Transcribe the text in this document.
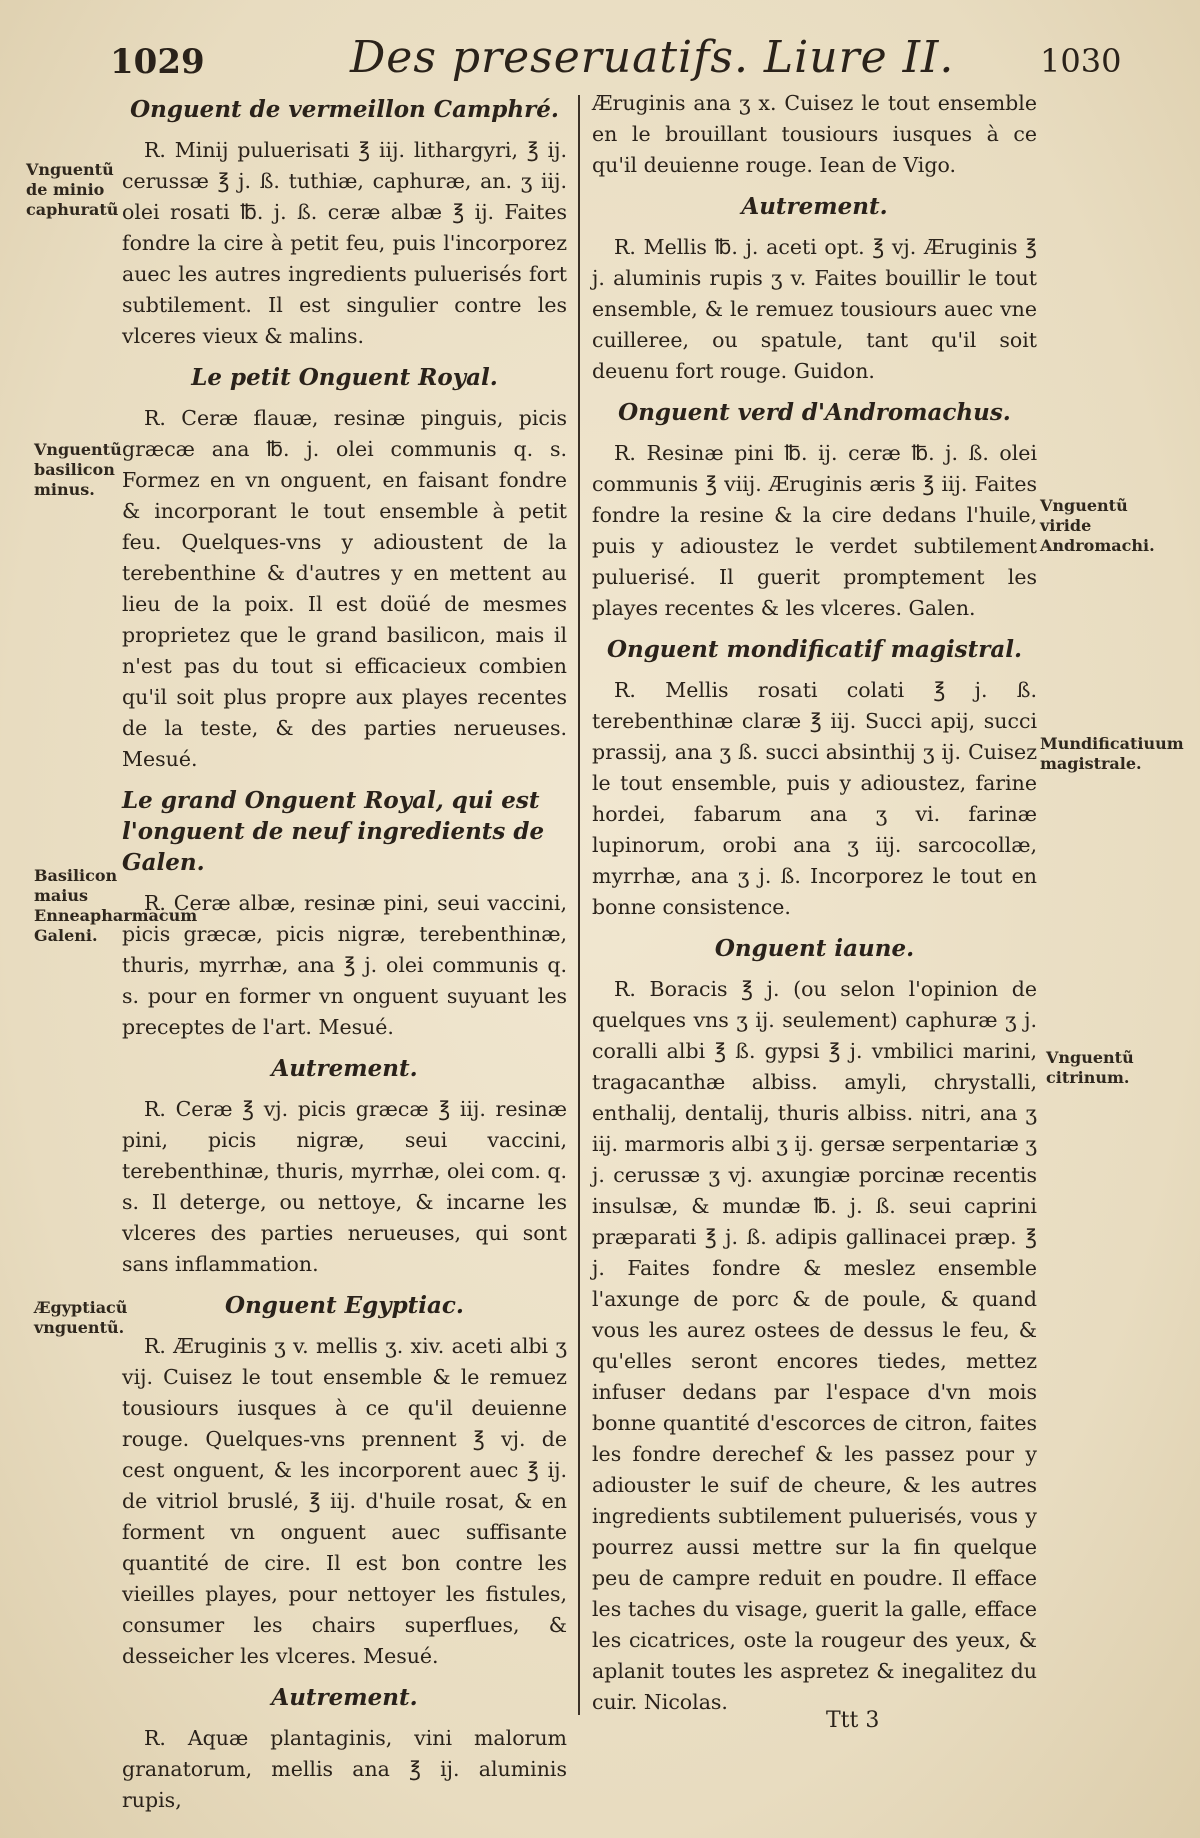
1029	Des preseruatifs. Liure II.	1030
Vnguentũ de minio caphuratũ
Vnguentũ basilicon minus.
Basilicon maius Enneapharmacum Galeni.
Ægyptiacũ vnguentũ.
Vnguentũ viride Andromachi.
Mundificatiuum magistrale.
Vnguentũ citrinum.
Onguent de vermeillon Camphré.

R. Minij puluerisati ℥ iij. lithargyri, ℥ ij. cerussæ ℥ j. ß. tuthiæ, caphuræ, an. ʒ iij. olei rosati ℔. j. ß. ceræ albæ ℥ ij. Faites fondre la cire à petit feu, puis l'incorporez auec les autres ingredients puluerisés fort subtilement. Il est singulier contre les vlceres vieux & malins.

Le petit Onguent Royal.

R. Ceræ flauæ, resinæ pinguis, picis græcæ ana ℔. j. olei communis q. s. Formez en vn onguent, en faisant fondre & incorporant le tout ensemble à petit feu. Quelques-vns y adioustent de la terebenthine & d'autres y en mettent au lieu de la poix. Il est doüé de mesmes proprietez que le grand basilicon, mais il n'est pas du tout si efficacieux combien qu'il soit plus propre aux playes recentes de la teste, & des parties nerueuses. Mesué.

Le grand Onguent Royal, qui est l'onguent de neuf ingredients de Galen.

R. Ceræ albæ, resinæ pini, seui vaccini, picis græcæ, picis nigræ, terebenthinæ, thuris, myrrhæ, ana ℥ j. olei communis q. s. pour en former vn onguent suyuant les preceptes de l'art. Mesué.

Autrement.

R. Ceræ ℥ vj. picis græcæ ℥ iij. resinæ pini, picis nigræ, seui vaccini, terebenthinæ, thuris, myrrhæ, olei com. q. s. Il deterge, ou nettoye, & incarne les vlceres des parties nerueuses, qui sont sans inflammation.

Onguent Egyptiac.

R. Æruginis ʒ v. mellis ʒ. xiv. aceti albi ʒ vij. Cuisez le tout ensemble & le remuez tousiours iusques à ce qu'il deuienne rouge. Quelques-vns prennent ℥ vj. de cest onguent, & les incorporent auec ℥ ij. de vitriol bruslé, ℥ iij. d'huile rosat, & en forment vn onguent auec suffisante quantité de cire. Il est bon contre les vieilles playes, pour nettoyer les fistules, consumer les chairs superflues, & desseicher les vlceres. Mesué.

Autrement.

R. Aquæ plantaginis, vini malorum granatorum, mellis ana ℥ ij. aluminis rupis,

Æruginis ana ʒ x. Cuisez le tout ensemble en le brouillant tousiours iusques à ce qu'il deuienne rouge. Iean de Vigo.

Autrement.

R. Mellis ℔. j. aceti opt. ℥ vj. Æruginis ℥ j. aluminis rupis ʒ v. Faites bouillir le tout ensemble, & le remuez tousiours auec vne cuilleree, ou spatule, tant qu'il soit deuenu fort rouge. Guidon.

Onguent verd d'Andromachus.

R. Resinæ pini ℔. ij. ceræ ℔. j. ß. olei communis ℥ viij. Æruginis æris ℥ iij. Faites fondre la resine & la cire dedans l'huile, puis y adioustez le verdet subtilement puluerisé. Il guerit promptement les playes recentes & les vlceres. Galen.

Onguent mondificatif magistral.

R. Mellis rosati colati ℥ j. ß. terebenthinæ claræ ℥ iij. Succi apij, succi prassij, ana ʒ ß. succi absinthij ʒ ij. Cuisez le tout ensemble, puis y adioustez, farine hordei, fabarum ana ʒ vi. farinæ lupinorum, orobi ana ʒ iij. sarcocollæ, myrrhæ, ana ʒ j. ß. Incorporez le tout en bonne consistence.

Onguent iaune.

R. Boracis ℥ j. (ou selon l'opinion de quelques vns ʒ ij. seulement) caphuræ ʒ j. coralli albi ℥ ß. gypsi ℥ j. vmbilici marini, tragacanthæ albiss. amyli, chrystalli, enthalij, dentalij, thuris albiss. nitri, ana ʒ iij. marmoris albi ʒ ij. gersæ serpentariæ ʒ j. cerussæ ʒ vj. axungiæ porcinæ recentis insulsæ, & mundæ ℔. j. ß. seui caprini præparati ℥ j. ß. adipis gallinacei præp. ℥ j. Faites fondre & meslez ensemble l'axunge de porc & de poule, & quand vous les aurez ostees de dessus le feu, & qu'elles seront encores tiedes, mettez infuser dedans par l'espace d'vn mois bonne quantité d'escorces de citron, faites les fondre derechef & les passez pour y adiouster le suif de cheure, & les autres ingredients subtilement puluerisés, vous y pourrez aussi mettre sur la fin quelque peu de campre reduit en poudre. Il efface les taches du visage, guerit la galle, efface les cicatrices, oste la rougeur des yeux, & aplanit toutes les aspretez & inegalitez du cuir. Nicolas.

Ttt 3
